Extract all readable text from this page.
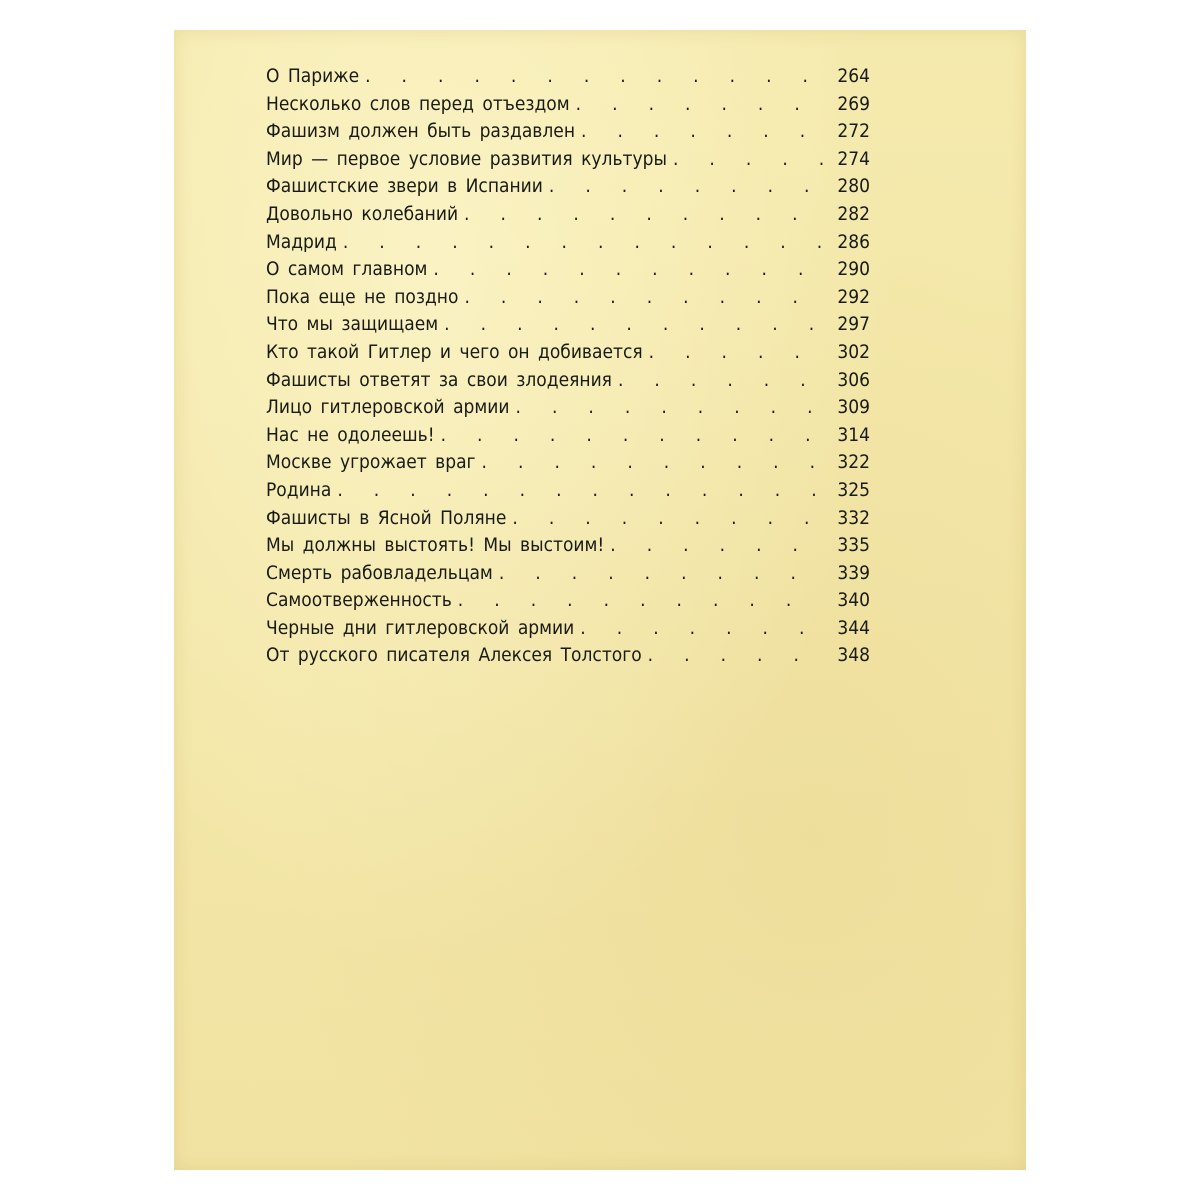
О Париже . . .	264
Несколько слов перед отъездом . . .	269
Фашизм должен быть раздавлен . . .	272
Мир — первое условие развития культуры . . .	274
Фашистские звери в Испании . . .	280
Довольно колебаний . . .	282
Мадрид . . .	286
О самом главном . . .	290
Пока еще не поздно . . .	292
Что мы защищаем . . .	297
Кто такой Гитлер и чего он добивается . . .	302
Фашисты ответят за свои злодеяния . . .	306
Лицо гитлеровской армии . . .	309
Нас не одолеешь! . . .	314
Москве угрожает враг . . .	322
Родина . . .	325
Фашисты в Ясной Поляне . . .	332
Мы должны выстоять! Мы выстоим! . . .	335
Смерть рабовладельцам . . .	339
Самоотверженность . . .	340
Черные дни гитлеровской армии . . .	344
От русского писателя Алексея Толстого . . .	348
